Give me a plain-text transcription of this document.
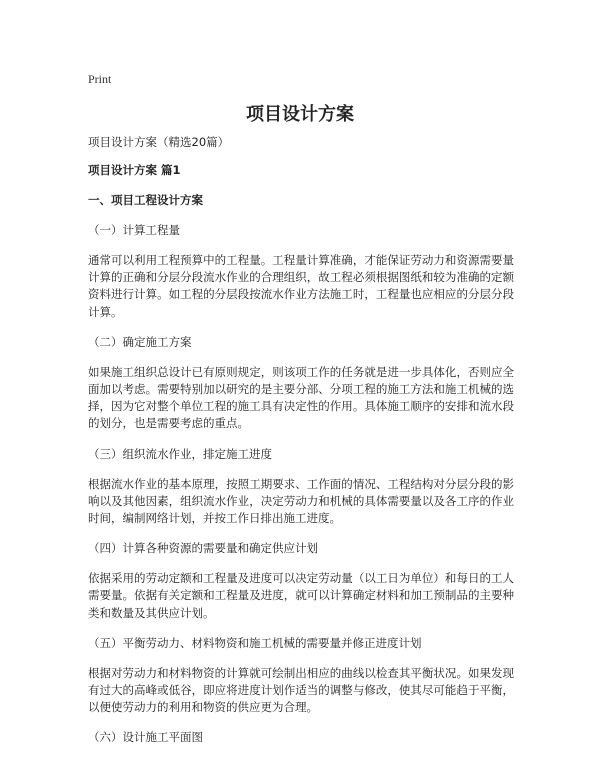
Print
项目设计方案

项目设计方案（精选20篇）

项目设计方案 篇1

一、项目工程设计方案

（一）计算工程量

通常可以利用工程预算中的工程量。工程量计算准确，才能保证劳动力和资源需要量计算的正确和分层分段流水作业的合理组织，故工程必须根据图纸和较为准确的定额资料进行计算。如工程的分层段按流水作业方法施工时，工程量也应相应的分层分段计算。

（二）确定施工方案

如果施工组织总设计已有原则规定，则该项工作的任务就是进一步具体化，否则应全面加以考虑。需要特别加以研究的是主要分部、分项工程的施工方法和施工机械的选择，因为它对整个单位工程的施工具有决定性的作用。具体施工顺序的安排和流水段的划分，也是需要考虑的重点。

（三）组织流水作业，排定施工进度

根据流水作业的基本原理，按照工期要求、工作面的情况、工程结构对分层分段的影响以及其他因素，组织流水作业，决定劳动力和机械的具体需要量以及各工序的作业时间，编制网络计划，并按工作日排出施工进度。

（四）计算各种资源的需要量和确定供应计划

依据采用的劳动定额和工程量及进度可以决定劳动量（以工日为单位）和每日的工人需要量。依据有关定额和工程量及进度，就可以计算确定材料和加工预制品的主要种类和数量及其供应计划。

（五）平衡劳动力、材料物资和施工机械的需要量并修正进度计划

根据对劳动力和材料物资的计算就可绘制出相应的曲线以检查其平衡状况。如果发现有过大的高峰或低谷，即应将进度计划作适当的调整与修改，使其尽可能趋于平衡，以便使劳动力的利用和物资的供应更为合理。

（六）设计施工平面图
